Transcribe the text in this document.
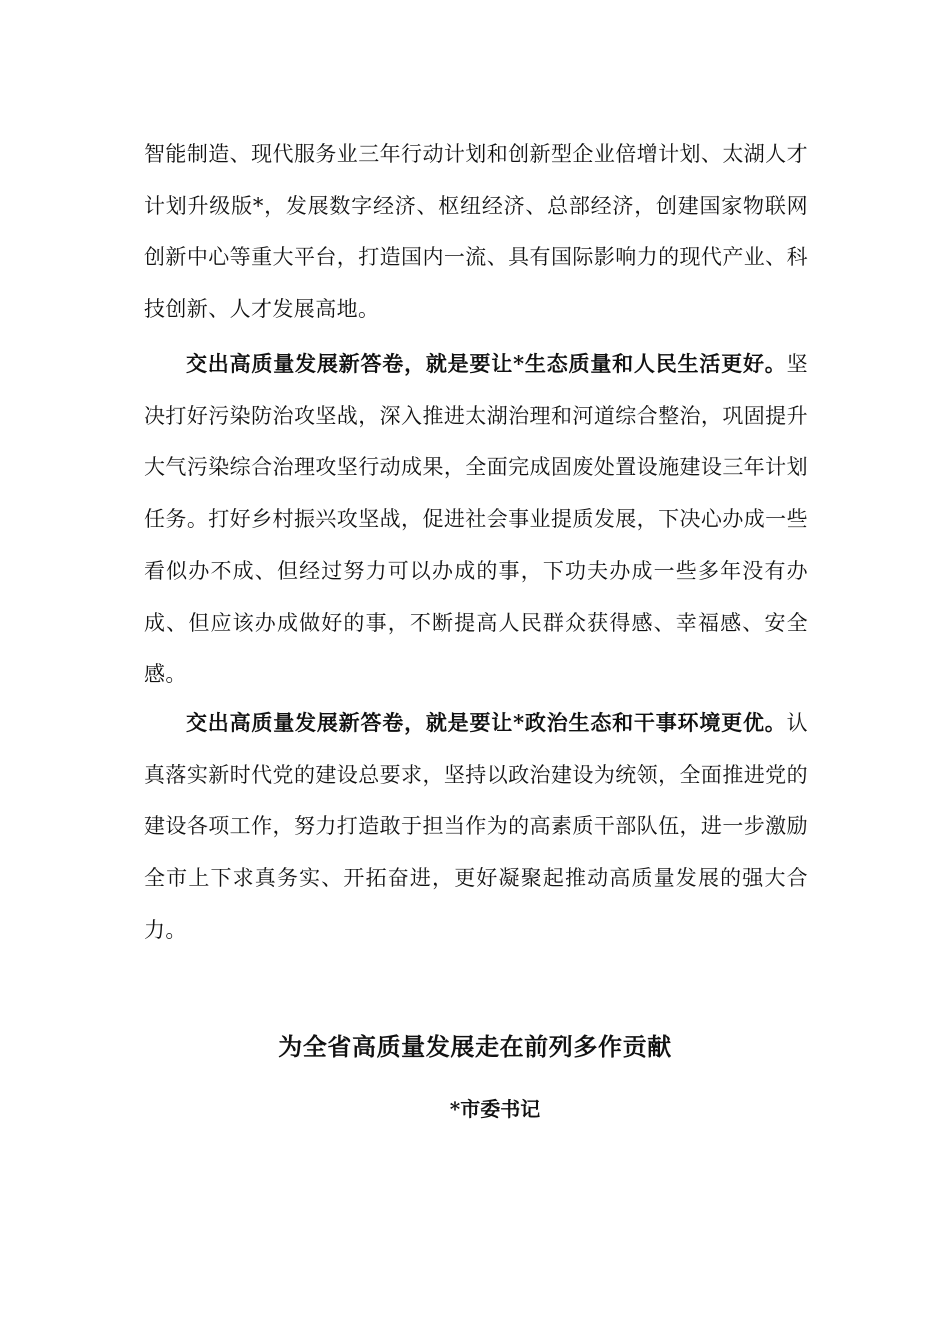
智能制造、现代服务业三年行动计划和创新型企业倍增计划、太湖人才计划升级版*，发展数字经济、枢纽经济、总部经济，创建国家物联网创新中心等重大平台，打造国内一流、具有国际影响力的现代产业、科技创新、人才发展高地。

交出高质量发展新答卷，就是要让*生态质量和人民生活更好。坚决打好污染防治攻坚战，深入推进太湖治理和河道综合整治，巩固提升大气污染综合治理攻坚行动成果，全面完成固废处置设施建设三年计划任务。打好乡村振兴攻坚战，促进社会事业提质发展，下决心办成一些看似办不成、但经过努力可以办成的事，下功夫办成一些多年没有办成、但应该办成做好的事，不断提高人民群众获得感、幸福感、安全感。

交出高质量发展新答卷，就是要让*政治生态和干事环境更优。认真落实新时代党的建设总要求，坚持以政治建设为统领，全面推进党的建设各项工作，努力打造敢于担当作为的高素质干部队伍，进一步激励全市上下求真务实、开拓奋进，更好凝聚起推动高质量发展的强大合力。

为全省高质量发展走在前列多作贡献

*市委书记
